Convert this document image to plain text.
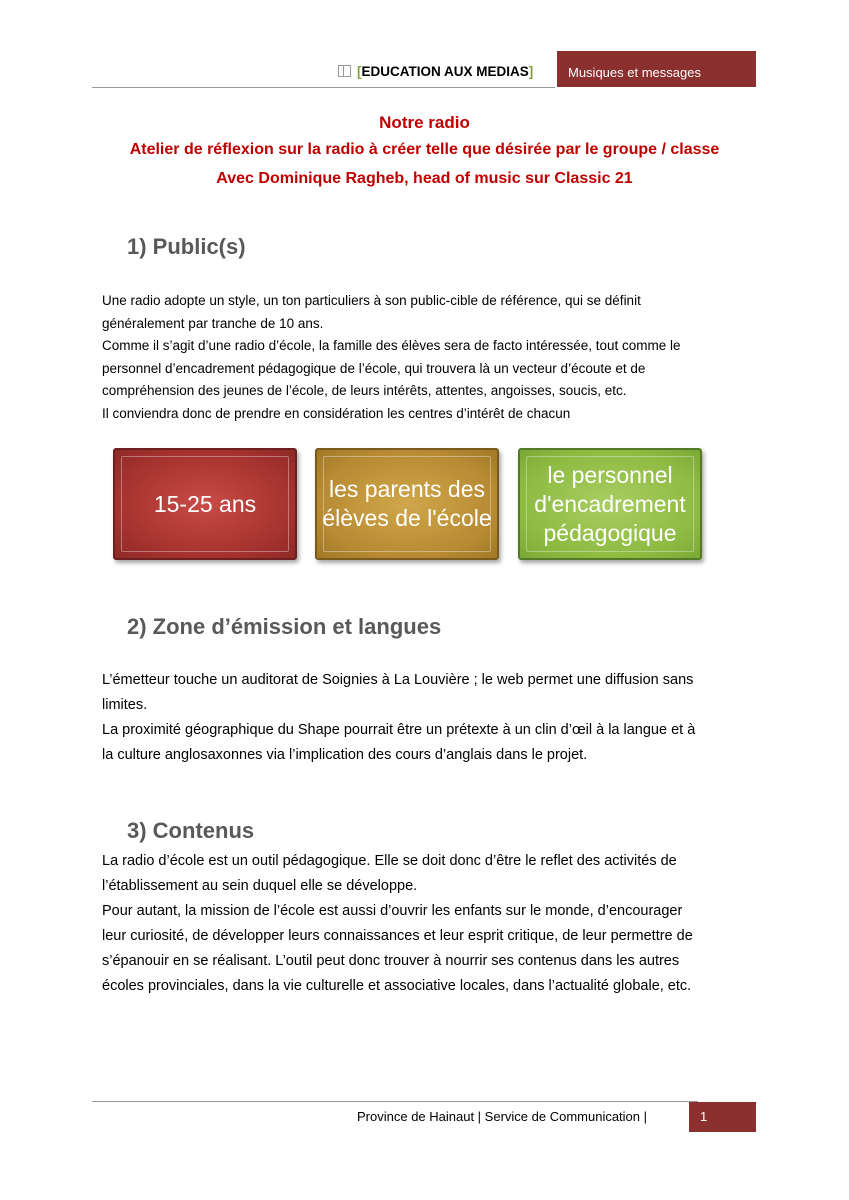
[EDUCATION AUX MEDIAS]	Musiques et messages
Notre radio
Atelier de réflexion sur la radio à créer telle que désirée par le groupe / classe
Avec Dominique Ragheb, head of music sur Classic 21
1) Public(s)

Une radio adopte un style, un ton particuliers à son public-cible de référence, qui se définit

généralement par tranche de 10 ans.

Comme il s’agit d’une radio d’école, la famille des élèves sera de facto intéressée, tout comme le

personnel d’encadrement pédagogique de l’école, qui trouvera là un vecteur d’écoute et de

compréhension des jeunes de l’école, de leurs intérêts, attentes, angoisses, soucis, etc.

Il conviendra donc de prendre en considération les centres d’intérêt de chacun

15-25 ans
les parents des élèves de l'école
le personnel d'encadrement pédagogique
2) Zone d’émission et langues

L’émetteur touche un auditorat de Soignies à La Louvière ; le web permet une diffusion sans

limites.

La proximité géographique du Shape pourrait être un prétexte à un clin d’œil à la langue et à

la culture anglosaxonnes via l’implication des cours d’anglais dans le projet.

3) Contenus

La radio d’école est un outil pédagogique. Elle se doit donc d’être le reflet des activités de

l’établissement au sein duquel elle se développe.

Pour autant, la mission de l’école est aussi d’ouvrir les enfants sur le monde, d’encourager

leur curiosité, de développer leurs connaissances et leur esprit critique, de leur permettre de

s’épanouir en se réalisant. L’outil peut donc trouver à nourrir ses contenus dans les autres

écoles provinciales, dans la vie culturelle et associative locales, dans l’actualité globale, etc.

Province de Hainaut | Service de Communication |	1
